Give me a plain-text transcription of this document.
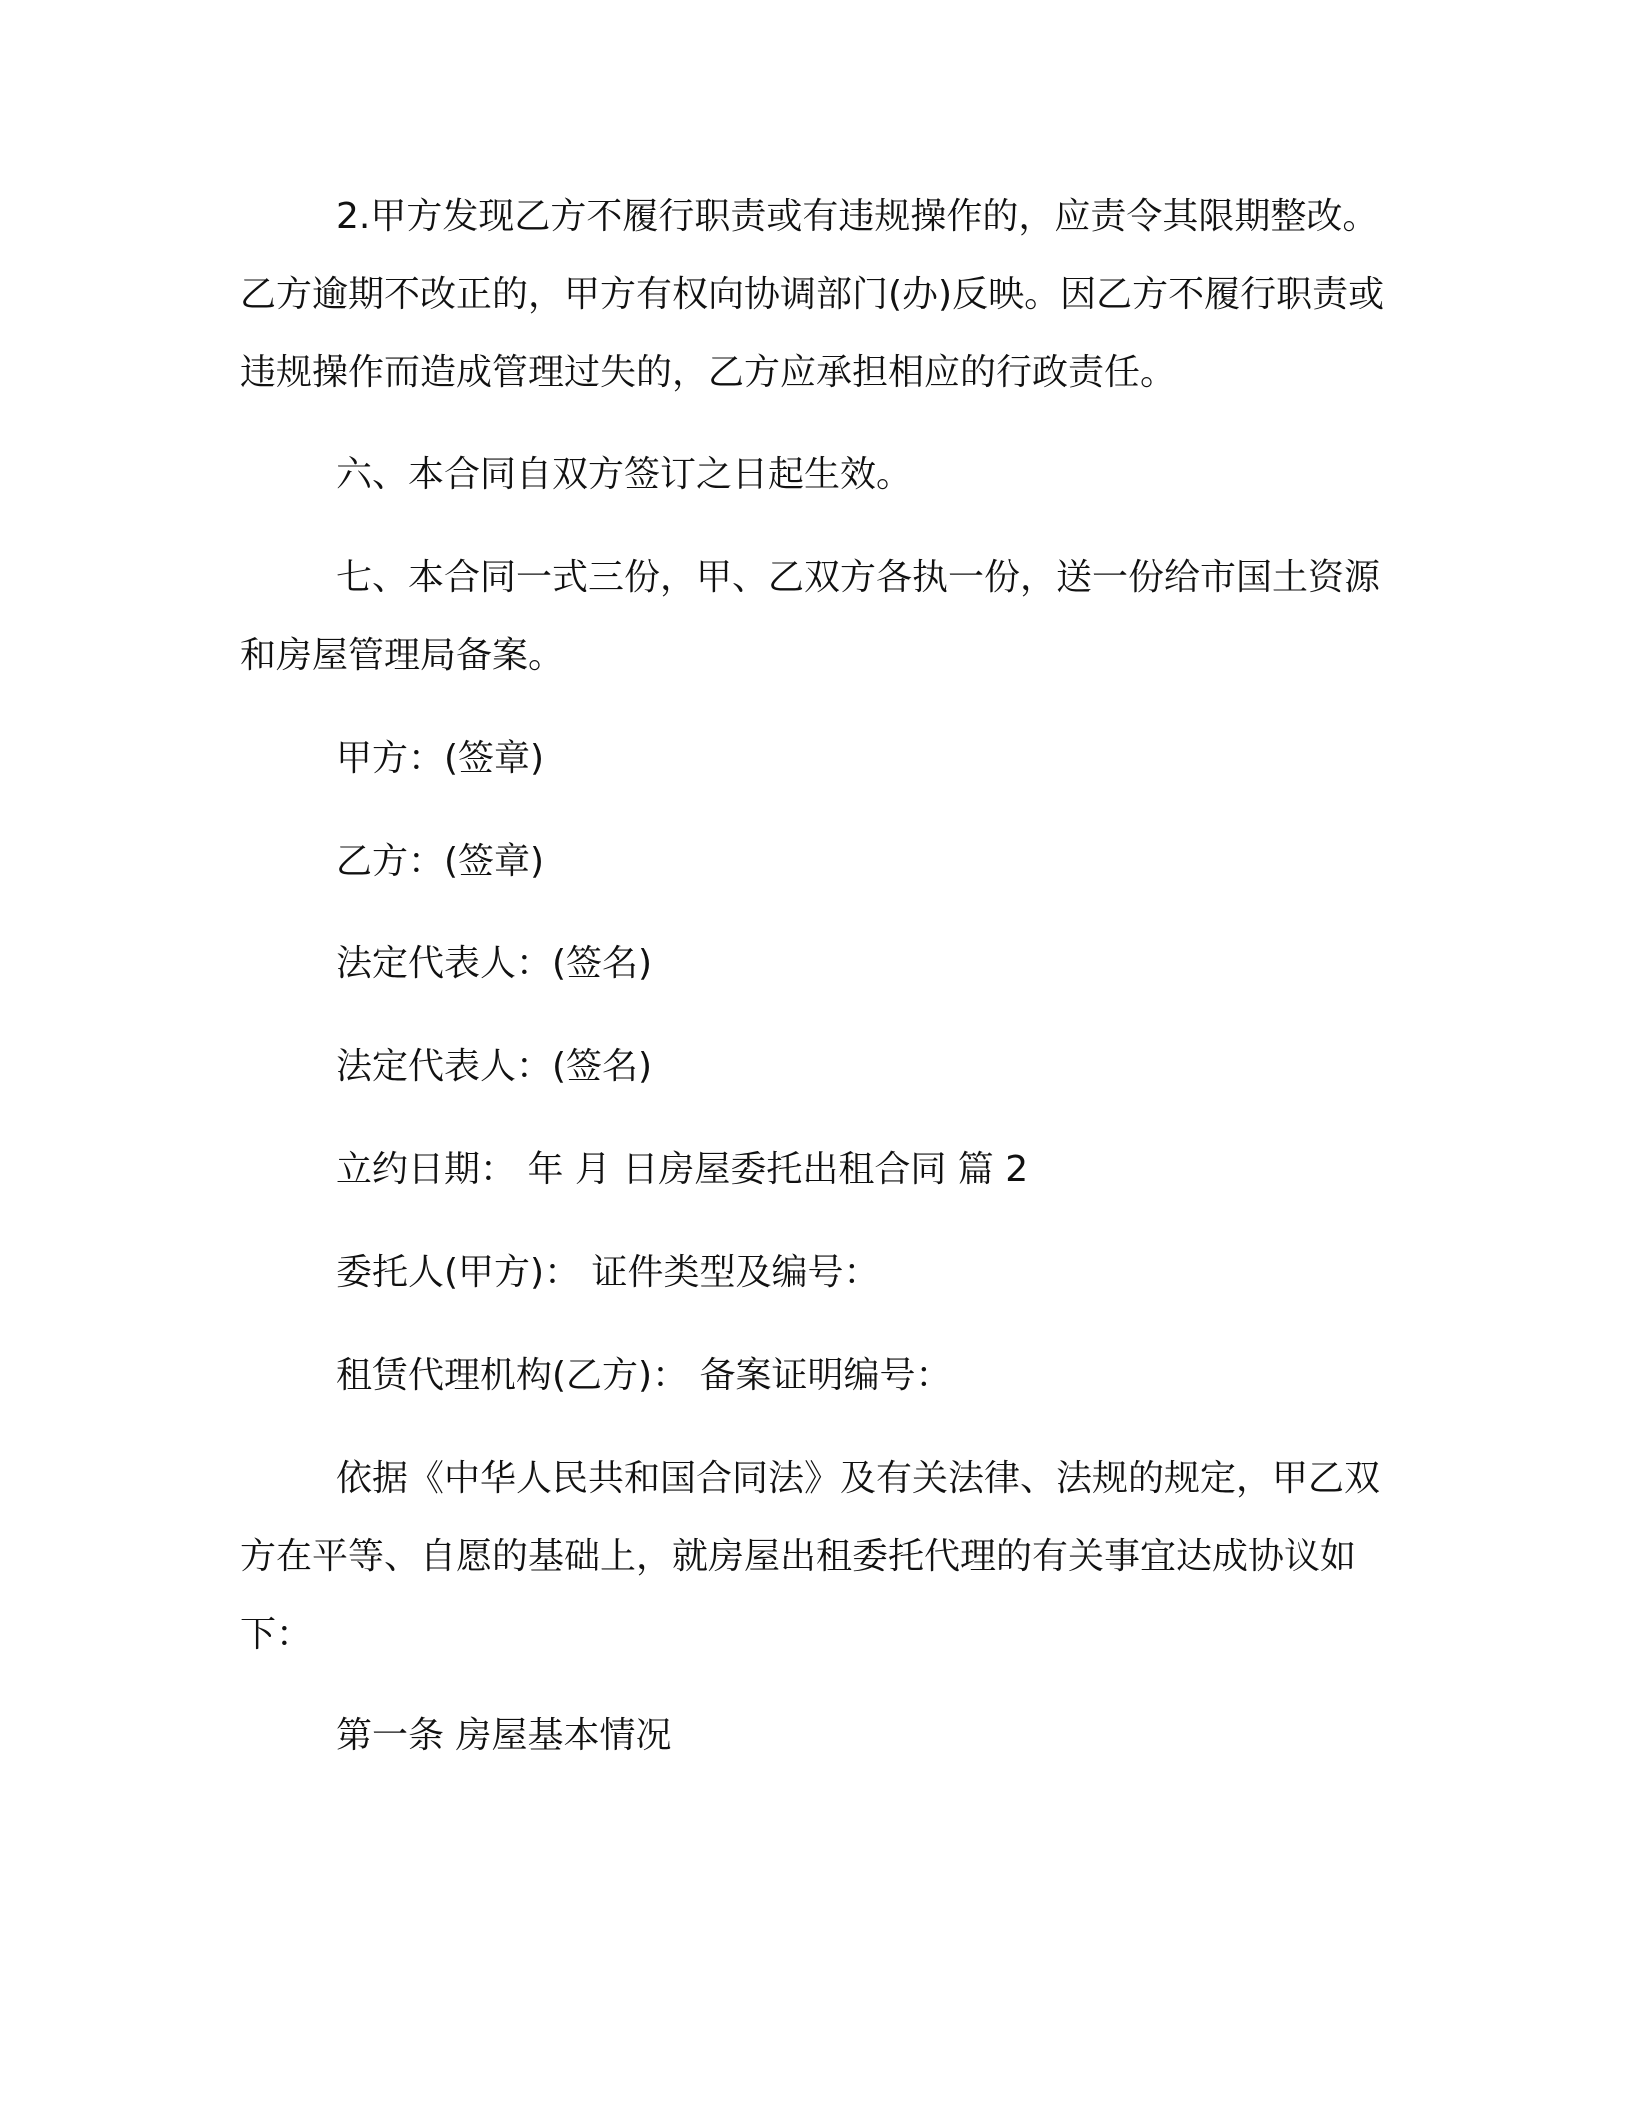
2.甲方发现乙方不履行职责或有违规操作的，应责令其限期整改。乙方逾期不改正的，甲方有权向协调部门(办)反映。因乙方不履行职责或违规操作而造成管理过失的，乙方应承担相应的行政责任。

六、本合同自双方签订之日起生效。

七、本合同一式三份，甲、乙双方各执一份，送一份给市国土资源和房屋管理局备案。

甲方：(签章)

乙方：(签章)

法定代表人：(签名)

法定代表人：(签名)

立约日期： 年 月 日房屋委托出租合同 篇 2

委托人(甲方)： 证件类型及编号：

租赁代理机构(乙方)： 备案证明编号：

依据《中华人民共和国合同法》及有关法律、法规的规定，甲乙双方在平等、自愿的基础上，就房屋出租委托代理的有关事宜达成协议如下：

第一条 房屋基本情况
